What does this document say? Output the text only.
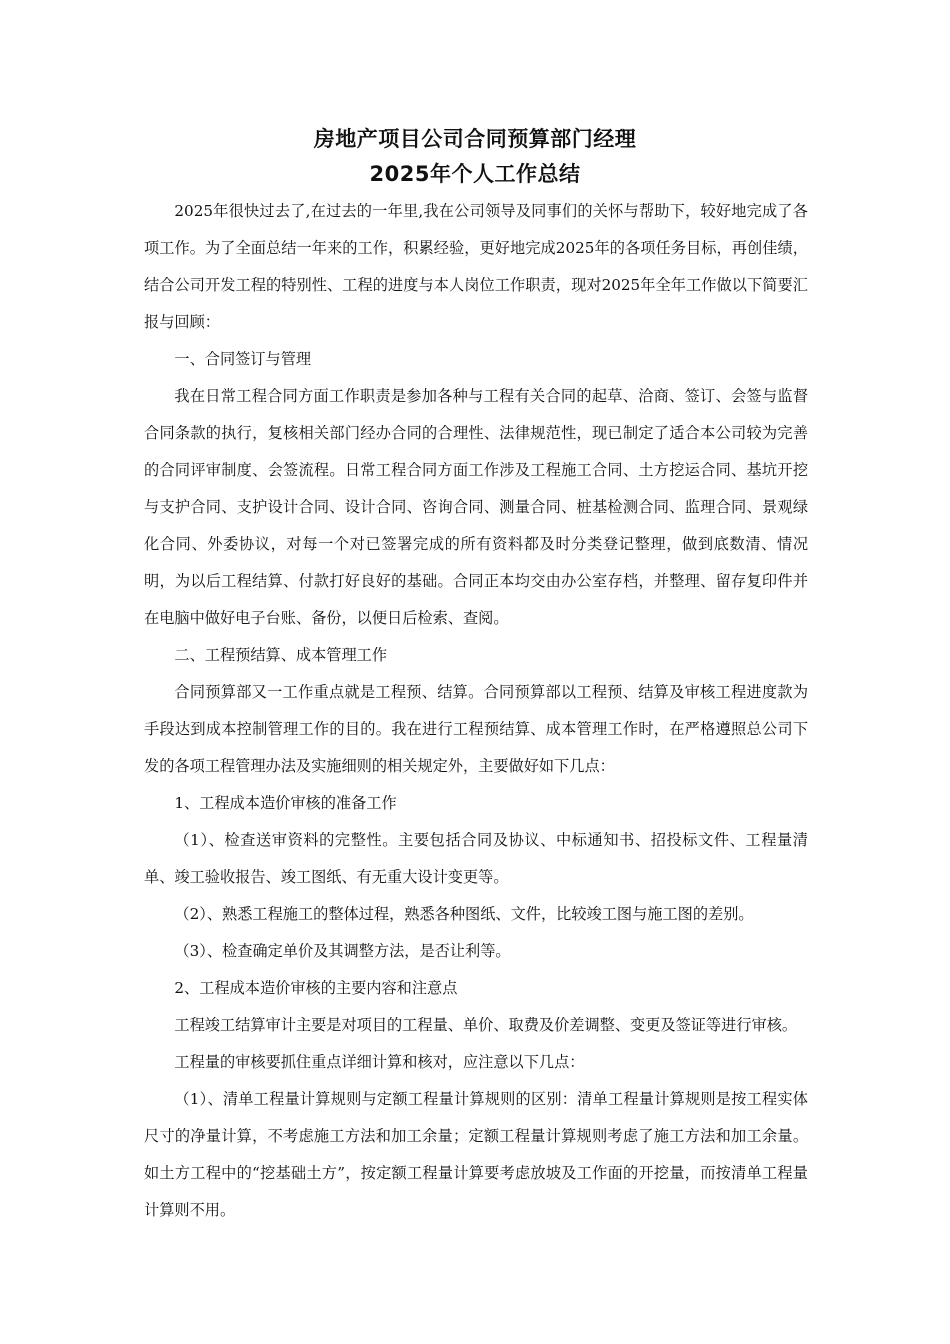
房地产项目公司合同预算部门经理
2025年个人工作总结

2025年很快过去了,在过去的一年里,我在公司领导及同事们的关怀与帮助下，较好地完成了各项工作。为了全面总结一年来的工作，积累经验，更好地完成2025年的各项任务目标，再创佳绩，结合公司开发工程的特别性、工程的进度与本人岗位工作职责，现对2025年全年工作做以下简要汇报与回顾：

一、合同签订与管理

我在日常工程合同方面工作职责是参加各种与工程有关合同的起草、洽商、签订、会签与监督合同条款的执行，复核相关部门经办合同的合理性、法律规范性，现已制定了适合本公司较为完善的合同评审制度、会签流程。日常工程合同方面工作涉及工程施工合同、土方挖运合同、基坑开挖与支护合同、支护设计合同、设计合同、咨询合同、测量合同、桩基检测合同、监理合同、景观绿化合同、外委协议，对每一个对已签署完成的所有资料都及时分类登记整理，做到底数清、情况明，为以后工程结算、付款打好良好的基础。合同正本均交由办公室存档，并整理、留存复印件并在电脑中做好电子台账、备份，以便日后检索、查阅。

二、工程预结算、成本管理工作

合同预算部又一工作重点就是工程预、结算。合同预算部以工程预、结算及审核工程进度款为手段达到成本控制管理工作的目的。我在进行工程预结算、成本管理工作时，在严格遵照总公司下发的各项工程管理办法及实施细则的相关规定外，主要做好如下几点：

1、工程成本造价审核的准备工作

（1）、检查送审资料的完整性。主要包括合同及协议、中标通知书、招投标文件、工程量清单、竣工验收报告、竣工图纸、有无重大设计变更等。

（2）、熟悉工程施工的整体过程，熟悉各种图纸、文件，比较竣工图与施工图的差别。

（3）、检查确定单价及其调整方法，是否让利等。

2、工程成本造价审核的主要内容和注意点

工程竣工结算审计主要是对项目的工程量、单价、取费及价差调整、变更及签证等进行审核。

工程量的审核要抓住重点详细计算和核对，应注意以下几点：

（1）、清单工程量计算规则与定额工程量计算规则的区别：清单工程量计算规则是按工程实体尺寸的净量计算，不考虑施工方法和加工余量；定额工程量计算规则考虑了施工方法和加工余量。如土方工程中的“挖基础土方”，按定额工程量计算要考虑放坡及工作面的开挖量，而按清单工程量计算则不用。
